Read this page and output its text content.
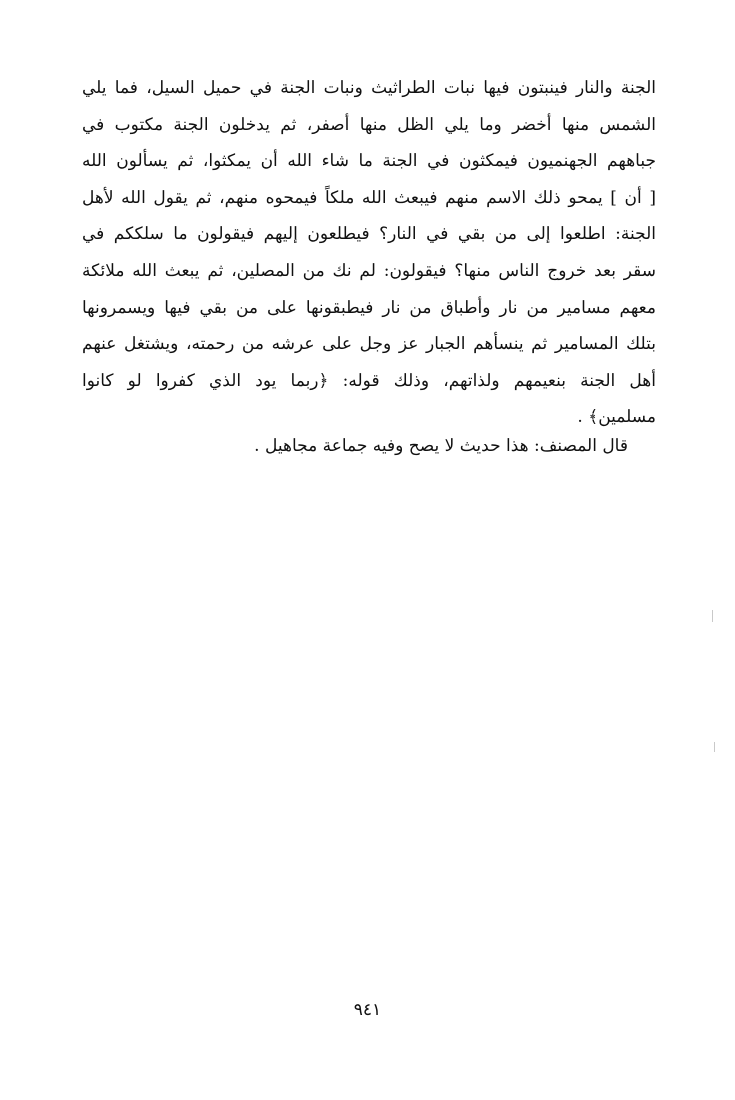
الجنة والنار فينبتون فيها نبات الطراثيث ونبات الجنة في حميل السيل، فما يلي
الشمس منها أخضر وما يلي الظل منها أصفر، ثم يدخلون الجنة مكتوب في
جباههم الجهنميون فيمكثون في الجنة ما شاء الله أن يمكثوا، ثم يسألون الله
[ أن ] يمحو ذلك الاسم منهم فيبعث الله ملكاً فيمحوه منهم، ثم يقول الله لأهل
الجنة: اطلعوا إلى من بقي في النار؟ فيطلعون إليهم فيقولون ما سلككم في
سقر بعد خروج الناس منها؟ فيقولون: لم نك من المصلين، ثم يبعث الله ملائكة
معهم مسامير من نار وأطباق من نار فيطبقونها على من بقي فيها ويسمرونها
بتلك المسامير ثم ينسأهم الجبار عز وجل على عرشه من رحمته، ويشتغل عنهم
أهل الجنة بنعيمهم ولذاتهم، وذلك قوله: ﴿ربما يود الذي كفروا لو كانوا
مسلمين﴾ .
قال المصنف: هذا حديث لا يصح وفيه جماعة مجاهيل .
٩٤١
